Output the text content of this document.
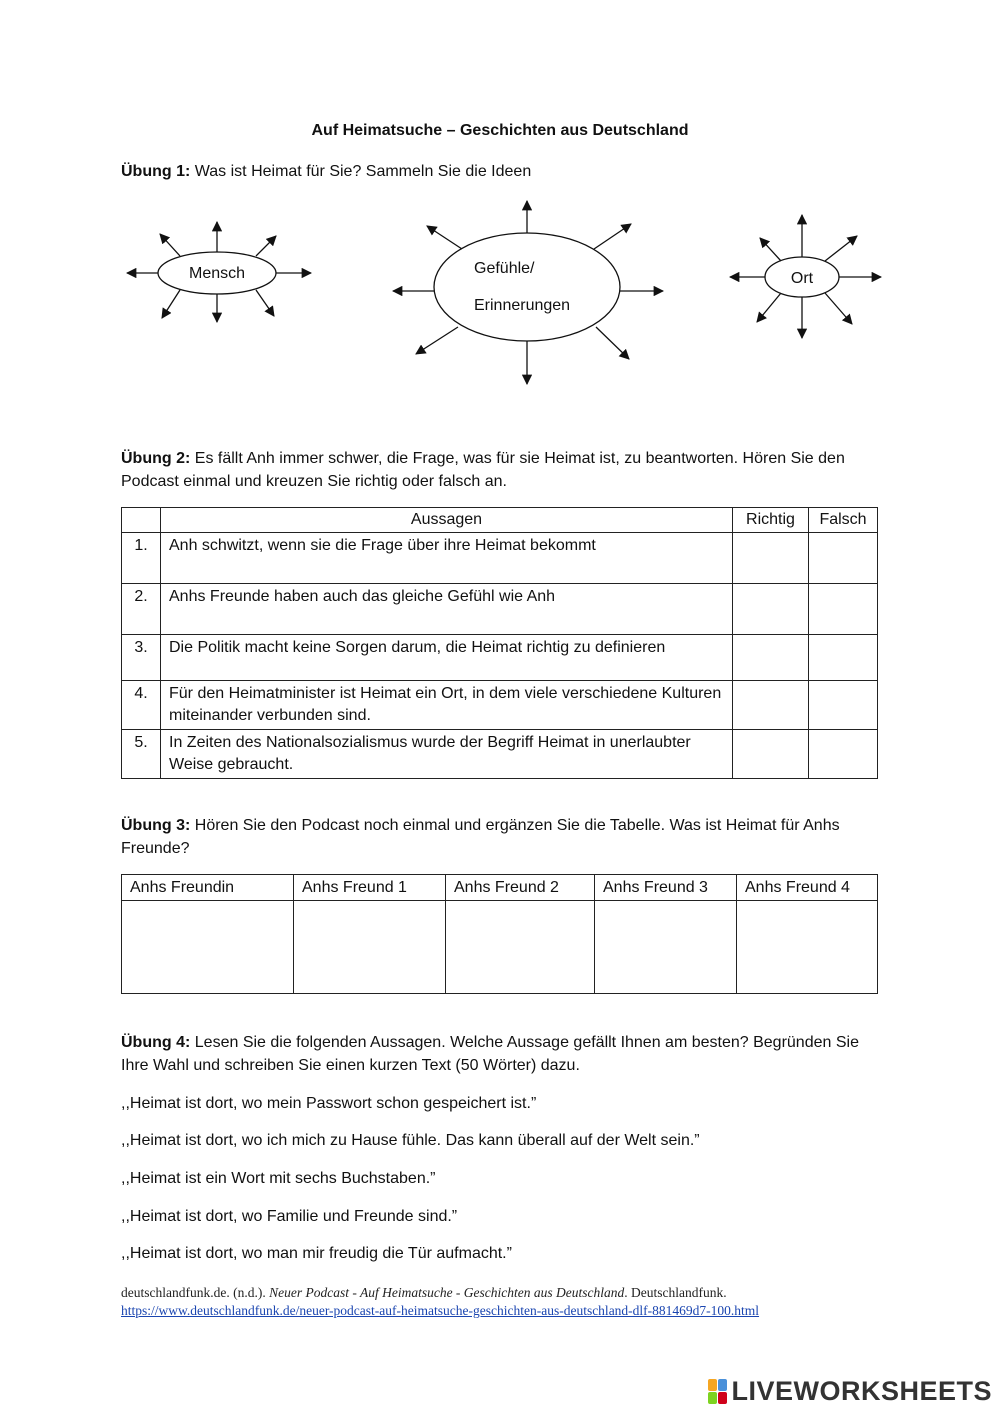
Auf Heimatsuche – Geschichten aus Deutschland
Übung 1: Was ist Heimat für Sie? Sammeln Sie die Ideen
Mensch	Gefühle/
Erinnerungen
Ort
Übung 2: Es fällt Anh immer schwer, die Frage, was für sie Heimat ist, zu beantworten. Hören Sie den Podcast einmal und kreuzen Sie richtig oder falsch an.
	Aussagen	Richtig	Falsch
1.	Anh schwitzt, wenn sie die Frage über ihre Heimat bekommt		
2.	Anhs Freunde haben auch das gleiche Gefühl wie Anh		
3.	Die Politik macht keine Sorgen darum, die Heimat richtig zu definieren		
4.	Für den Heimatminister ist Heimat ein Ort, in dem viele verschiedene Kulturen miteinander verbunden sind.		
5.	In Zeiten des Nationalsozialismus wurde der Begriff Heimat in unerlaubter Weise gebraucht.		
Übung 3: Hören Sie den Podcast noch einmal und ergänzen Sie die Tabelle. Was ist Heimat für Anhs Freunde?
Anhs Freundin	Anhs Freund 1	Anhs Freund 2	Anhs Freund 3	Anhs Freund 4

Übung 4: Lesen Sie die folgenden Aussagen. Welche Aussage gefällt Ihnen am besten? Begründen Sie Ihre Wahl und schreiben Sie einen kurzen Text (50 Wörter) dazu.
,,Heimat ist dort, wo mein Passwort schon gespeichert ist.”
,,Heimat ist dort, wo ich mich zu Hause fühle. Das kann überall auf der Welt sein.”
,,Heimat ist ein Wort mit sechs Buchstaben.”
,,Heimat ist dort, wo Familie und Freunde sind.”
,,Heimat ist dort, wo man mir freudig die Tür aufmacht.”
deutschlandfunk.de. (n.d.). Neuer Podcast - Auf Heimatsuche - Geschichten aus Deutschland. Deutschlandfunk.
https://www.deutschlandfunk.de/neuer-podcast-auf-heimatsuche-geschichten-aus-deutschland-dlf-881469d7-100.html
LIVEWORKSHEETS
